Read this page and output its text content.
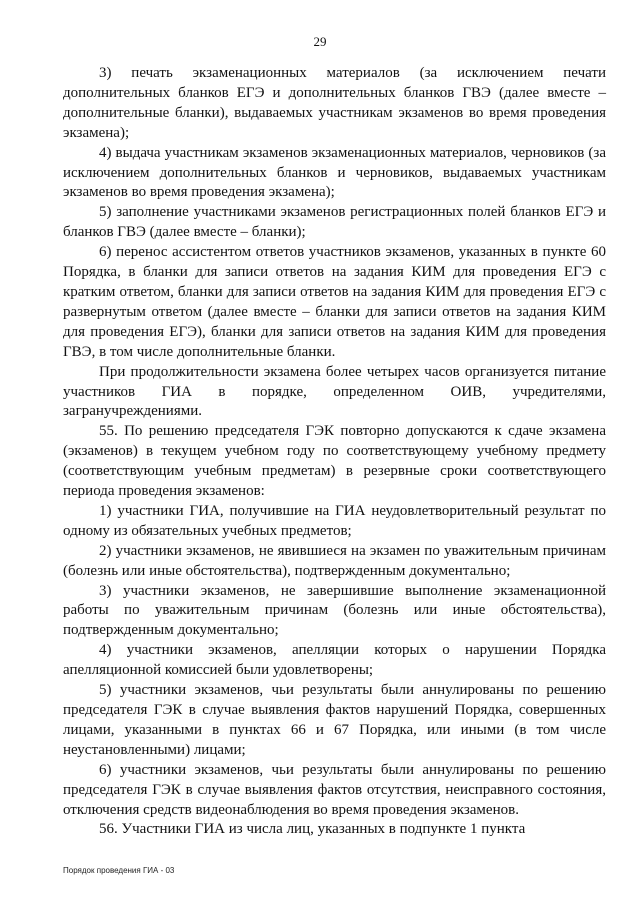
29

3) печать экзаменационных материалов (за исключением печати дополнительных бланков ЕГЭ и дополнительных бланков ГВЭ (далее вместе – дополнительные бланки), выдаваемых участникам экзаменов во время проведения экзамена);

4) выдача участникам экзаменов экзаменационных материалов, черновиков (за исключением дополнительных бланков и черновиков, выдаваемых участникам экзаменов во время проведения экзамена);

5) заполнение участниками экзаменов регистрационных полей бланков ЕГЭ и бланков ГВЭ (далее вместе – бланки);

6) перенос ассистентом ответов участников экзаменов, указанных в пункте 60 Порядка, в бланки для записи ответов на задания КИМ для проведения ЕГЭ с кратким ответом, бланки для записи ответов на задания КИМ для проведения ЕГЭ с развернутым ответом (далее вместе – бланки для записи ответов на задания КИМ для проведения ЕГЭ), бланки для записи ответов на задания КИМ для проведения ГВЭ, в том числе дополнительные бланки.

При продолжительности экзамена более четырех часов организуется питание участников ГИА в порядке, определенном ОИВ, учредителями, загранучреждениями.

55. По решению председателя ГЭК повторно допускаются к сдаче экзамена (экзаменов) в текущем учебном году по соответствующему учебному предмету (соответствующим учебным предметам) в резервные сроки соответствующего периода проведения экзаменов:

1) участники ГИА, получившие на ГИА неудовлетворительный результат по одному из обязательных учебных предметов;

2) участники экзаменов, не явившиеся на экзамен по уважительным причинам (болезнь или иные обстоятельства), подтвержденным документально;

3) участники экзаменов, не завершившие выполнение экзаменационной работы по уважительным причинам (болезнь или иные обстоятельства), подтвержденным документально;

4) участники экзаменов, апелляции которых о нарушении Порядка апелляционной комиссией были удовлетворены;

5) участники экзаменов, чьи результаты были аннулированы по решению председателя ГЭК в случае выявления фактов нарушений Порядка, совершенных лицами, указанными в пунктах 66 и 67 Порядка, или иными (в том числе неустановленными) лицами;

6) участники экзаменов, чьи результаты были аннулированы по решению председателя ГЭК в случае выявления фактов отсутствия, неисправного состояния, отключения средств видеонаблюдения во время проведения экзаменов.

56. Участники ГИА из числа лиц, указанных в подпункте 1 пункта

Порядок проведения ГИА - 03
